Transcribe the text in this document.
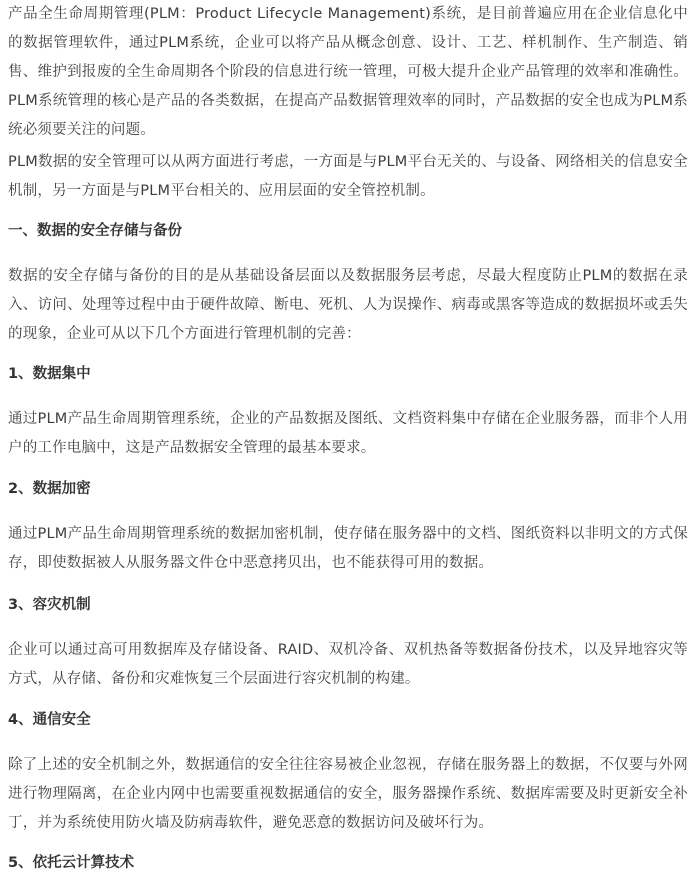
产品全生命周期管理(PLM：Product Lifecycle Management)系统，是目前普遍应用在企业信息化中的数据管理软件，通过PLM系统，企业可以将产品从概念创意、设计、工艺、样机制作、生产制造、销售、维护到报废的全生命周期各个阶段的信息进行统一管理，可极大提升企业产品管理的效率和准确性。PLM系统管理的核心是产品的各类数据，在提高产品数据管理效率的同时，产品数据的安全也成为PLM系统必须要关注的问题。

PLM数据的安全管理可以从两方面进行考虑，一方面是与PLM平台无关的、与设备、网络相关的信息安全机制，另一方面是与PLM平台相关的、应用层面的安全管控机制。

一、数据的安全存储与备份

数据的安全存储与备份的目的是从基础设备层面以及数据服务层考虑，尽最大程度防止PLM的数据在录入、访问、处理等过程中由于硬件故障、断电、死机、人为误操作、病毒或黑客等造成的数据损坏或丢失的现象，企业可从以下几个方面进行管理机制的完善：

1、数据集中

通过PLM产品生命周期管理系统，企业的产品数据及图纸、文档资料集中存储在企业服务器，而非个人用户的工作电脑中，这是产品数据安全管理的最基本要求。

2、数据加密

通过PLM产品生命周期管理系统的数据加密机制，使存储在服务器中的文档、图纸资料以非明文的方式保存，即使数据被人从服务器文件仓中恶意拷贝出，也不能获得可用的数据。

3、容灾机制

企业可以通过高可用数据库及存储设备、RAID、双机冷备、双机热备等数据备份技术，以及异地容灾等方式，从存储、备份和灾难恢复三个层面进行容灾机制的构建。

4、通信安全

除了上述的安全机制之外，数据通信的安全往往容易被企业忽视，存储在服务器上的数据，不仅要与外网进行物理隔离，在企业内网中也需要重视数据通信的安全，服务器操作系统、数据库需要及时更新安全补丁，并为系统使用防火墙及防病毒软件，避免恶意的数据访问及破坏行为。

5、依托云计算技术
